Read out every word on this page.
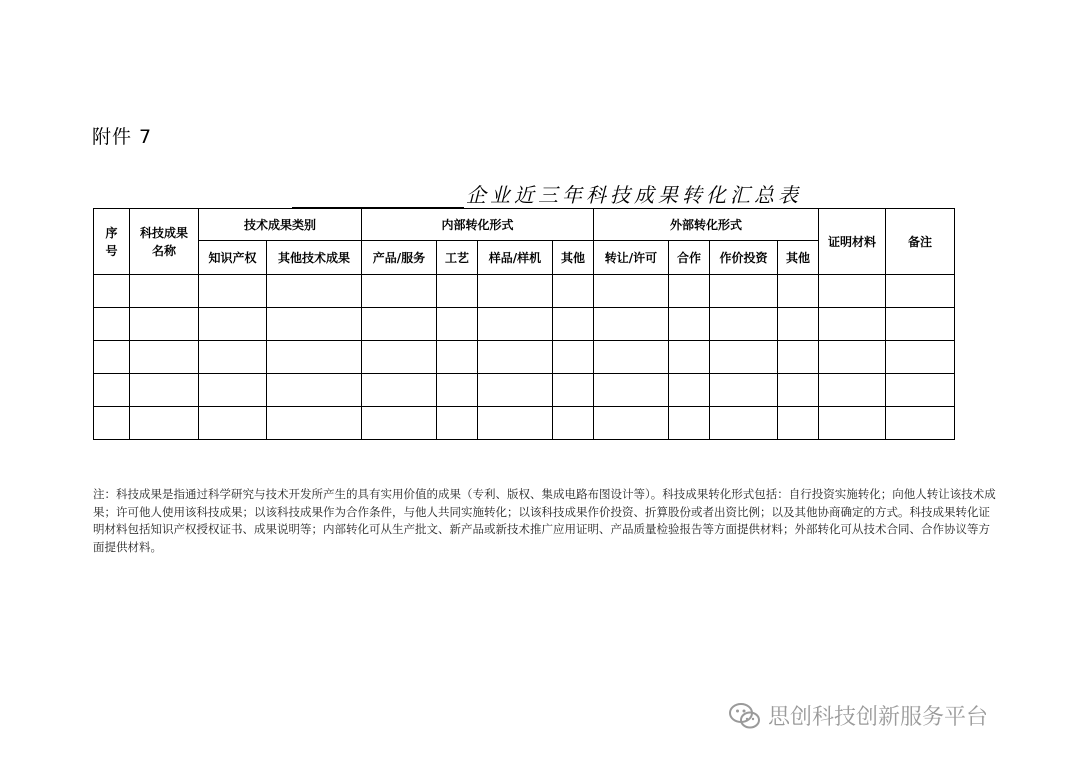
附件 7
企业近三年科技成果转化汇总表
序号	科技成果名称	技术成果类别		内部转化形式				外部转化形式				证明材料	备注
		知识产权	其他技术成果	产品/服务	工艺	样品/样机	其他	转让/许可	合作	作价投资	其他		

注：科技成果是指通过科学研究与技术开发所产生的具有实用价值的成果（专利、版权、集成电路布图设计等）。科技成果转化形式包括：自行投资实施转化；向他人转让该技术成果；许可他人使用该科技成果；以该科技成果作为合作条件，与他人共同实施转化；以该科技成果作价投资、折算股份或者出资比例；以及其他协商确定的方式。科技成果转化证明材料包括知识产权授权证书、成果说明等；内部转化可从生产批文、新产品或新技术推广应用证明、产品质量检验报告等方面提供材料；外部转化可从技术合同、合作协议等方面提供材料。
思创科技创新服务平台
